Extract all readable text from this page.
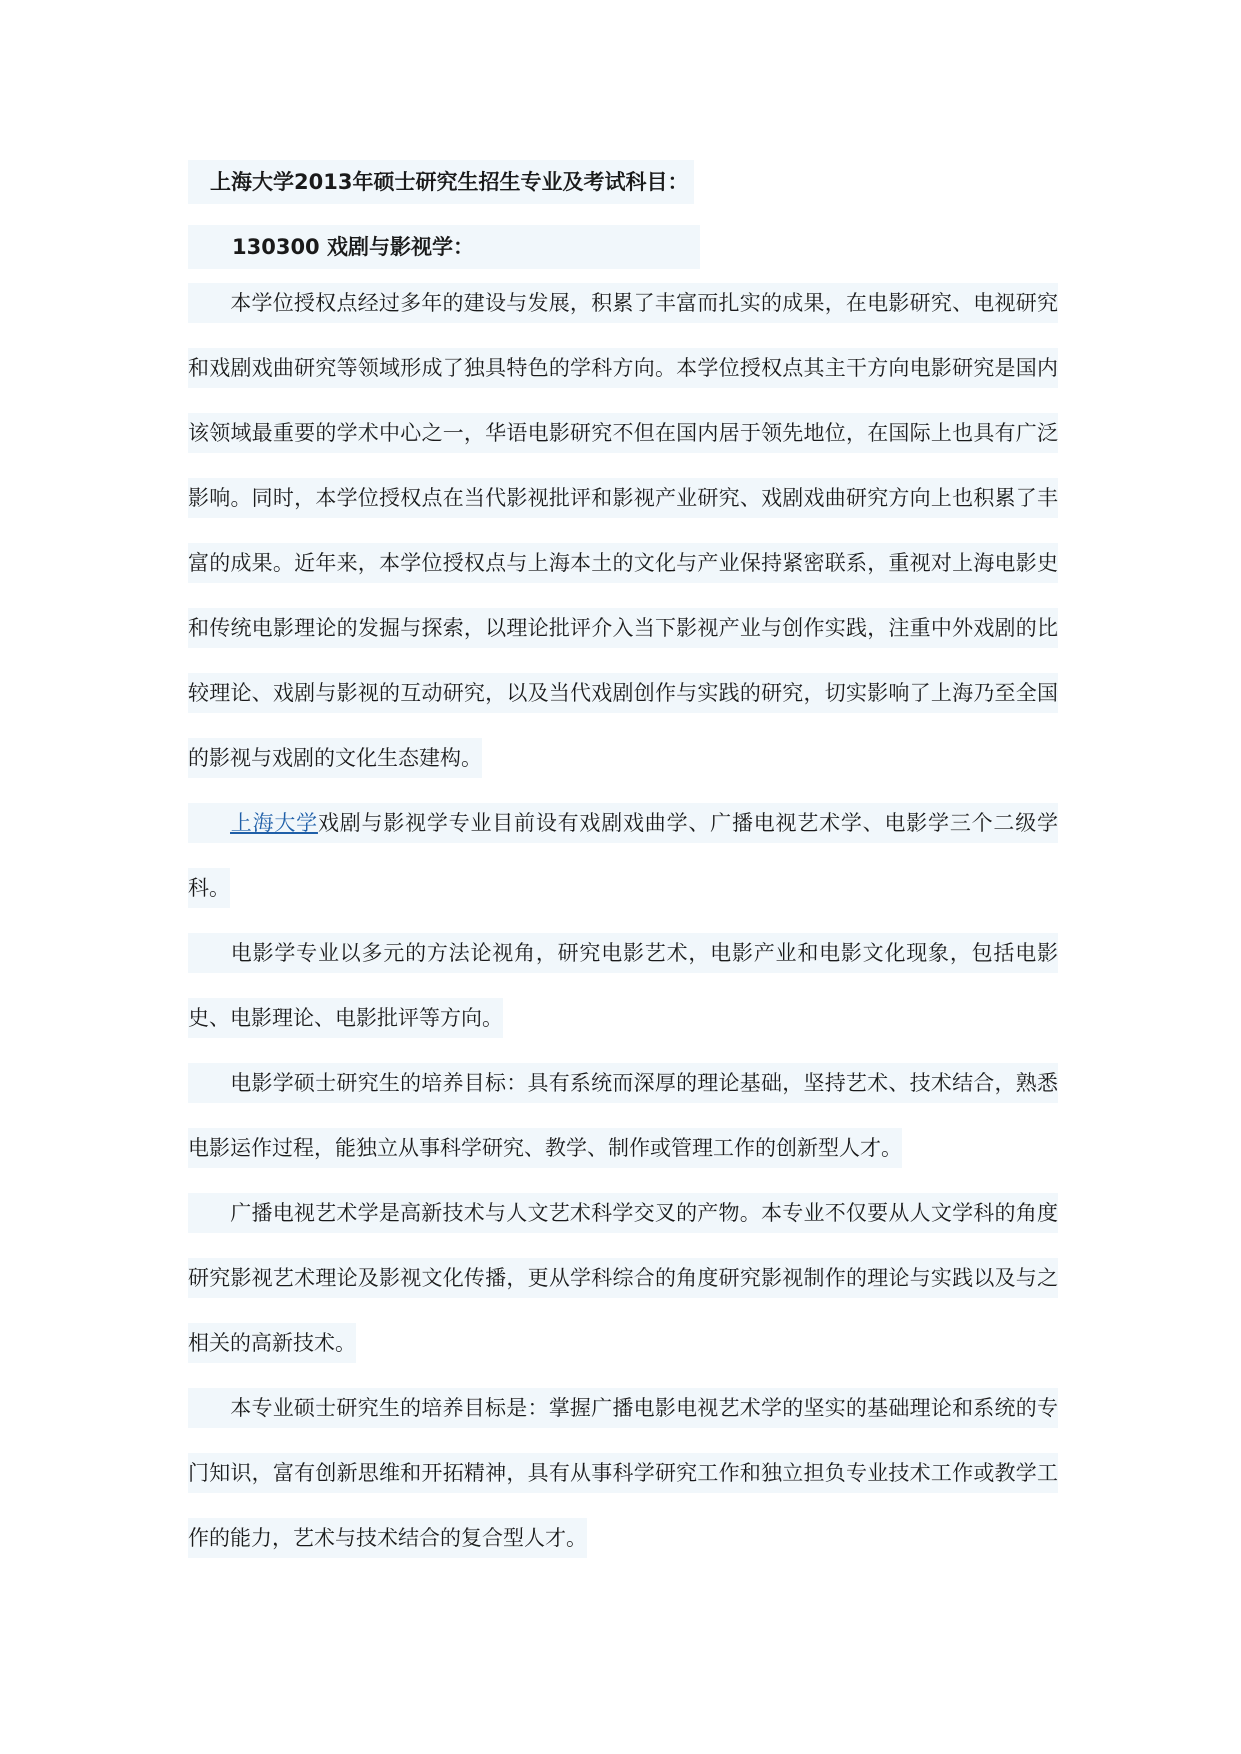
上海大学2013年硕士研究生招生专业及考试科目：
130300 戏剧与影视学：

本学位授权点经过多年的建设与发展，积累了丰富而扎实的成果，在电影研究、电视研究和戏剧戏曲研究等领域形成了独具特色的学科方向。本学位授权点其主干方向电影研究是国内该领域最重要的学术中心之一，华语电影研究不但在国内居于领先地位，在国际上也具有广泛影响。同时，本学位授权点在当代影视批评和影视产业研究、戏剧戏曲研究方向上也积累了丰富的成果。近年来，本学位授权点与上海本土的文化与产业保持紧密联系，重视对上海电影史和传统电影理论的发掘与探索，以理论批评介入当下影视产业与创作实践，注重中外戏剧的比较理论、戏剧与影视的互动研究，以及当代戏剧创作与实践的研究，切实影响了上海乃至全国的影视与戏剧的文化生态建构。

上海大学戏剧与影视学专业目前设有戏剧戏曲学、广播电视艺术学、电影学三个二级学科。

电影学专业以多元的方法论视角，研究电影艺术，电影产业和电影文化现象，包括电影史、电影理论、电影批评等方向。

电影学硕士研究生的培养目标：具有系统而深厚的理论基础，坚持艺术、技术结合，熟悉电影运作过程，能独立从事科学研究、教学、制作或管理工作的创新型人才。

广播电视艺术学是高新技术与人文艺术科学交叉的产物。本专业不仅要从人文学科的角度研究影视艺术理论及影视文化传播，更从学科综合的角度研究影视制作的理论与实践以及与之相关的高新技术。

本专业硕士研究生的培养目标是：掌握广播电影电视艺术学的坚实的基础理论和系统的专门知识，富有创新思维和开拓精神，具有从事科学研究工作和独立担负专业技术工作或教学工作的能力，艺术与技术结合的复合型人才。
